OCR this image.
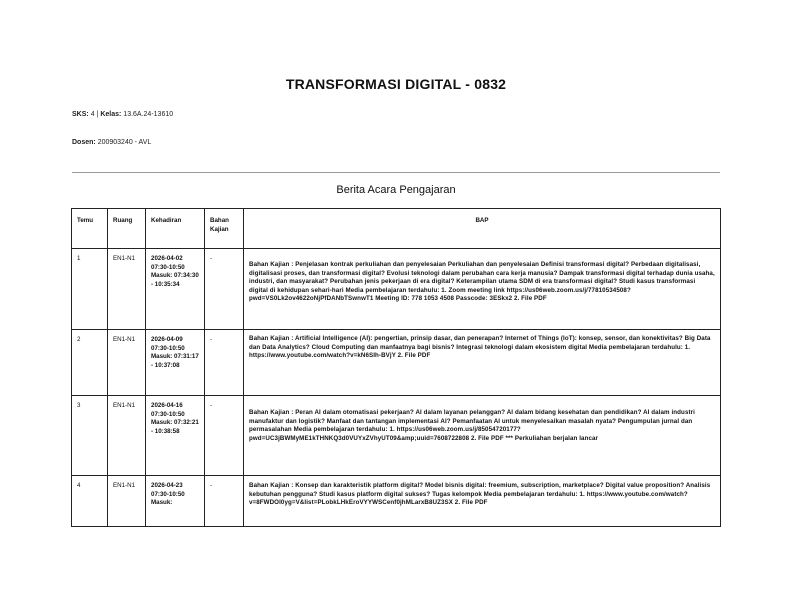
TRANSFORMASI DIGITAL - 0832
SKS: 4 | Kelas: 13.6A.24-13610
Dosen: 200903240 - AVL
Berita Acara Pengajaran
Temu	Ruang	Kehadiran	Bahan Kajian	BAP
1	EN1-N1	2026-04-02 07:30-10:50 Masuk: 07:34:30 - 10:35:34	-	Bahan Kajian : Penjelasan kontrak perkuliahan dan penyelesaian Perkuliahan dan penyelesaian Definisi transformasi digital? Perbedaan digitalisasi, digitalisasi proses, dan transformasi digital? Evolusi teknologi dalam perubahan cara kerja manusia? Dampak transformasi digital terhadap dunia usaha, industri, dan masyarakat? Perubahan jenis pekerjaan di era digital? Keterampilan utama SDM di era transformasi digital? Studi kasus transformasi digital di kehidupan sehari-hari Media pembelajaran terdahulu: 1. Zoom meeting link https://us06web.zoom.us/j/77810534508?pwd=VS0Lk2ov4622oNjPfDANbTSwnwT1 Meeting ID: 778 1053 4508 Passcode: 3ESkx2 2. File PDF
2	EN1-N1	2026-04-09 07:30-10:50 Masuk: 07:31:17 - 10:37:08	-	Bahan Kajian : Artificial Intelligence (AI): pengertian, prinsip dasar, dan penerapan? Internet of Things (IoT): konsep, sensor, dan konektivitas? Big Data dan Data Analytics? Cloud Computing dan manfaatnya bagi bisnis? Integrasi teknologi dalam ekosistem digital Media pembelajaran terdahulu: 1. https://www.youtube.com/watch?v=kN6SIh-BVjY 2. File PDF
3	EN1-N1	2026-04-16 07:30-10:50 Masuk: 07:32:21 - 10:38:58	-	Bahan Kajian : Peran AI dalam otomatisasi pekerjaan? AI dalam layanan pelanggan? AI dalam bidang kesehatan dan pendidikan? AI dalam industri manufaktur dan logistik? Manfaat dan tantangan implementasi AI? Pemanfaatan AI untuk menyelesaikan masalah nyata? Pengumpulan jurnal dan permasalahan Media pembelajaran terdahulu: 1. https://us06web.zoom.us/j/85054720177?pwd=UC3jBWMyME1kTHNKQ3d0VUYxZVhyUT09&amp;uuid=7608722808 2. File PDF *** Perkuliahan berjalan lancar
4	EN1-N1	2026-04-23 07:30-10:50 Masuk:	-	Bahan Kajian : Konsep dan karakteristik platform digital? Model bisnis digital: freemium, subscription, marketplace? Digital value proposition? Analisis kebutuhan pengguna? Studi kasus platform digital sukses? Tugas kelompok Media pembelajaran terdahulu: 1. https://www.youtube.com/watch?v=8FWDOl0yg=V&list=PLobkLHkEroVYYWSCenf0jhMLarxB8UZ3SX 2. File PDF
